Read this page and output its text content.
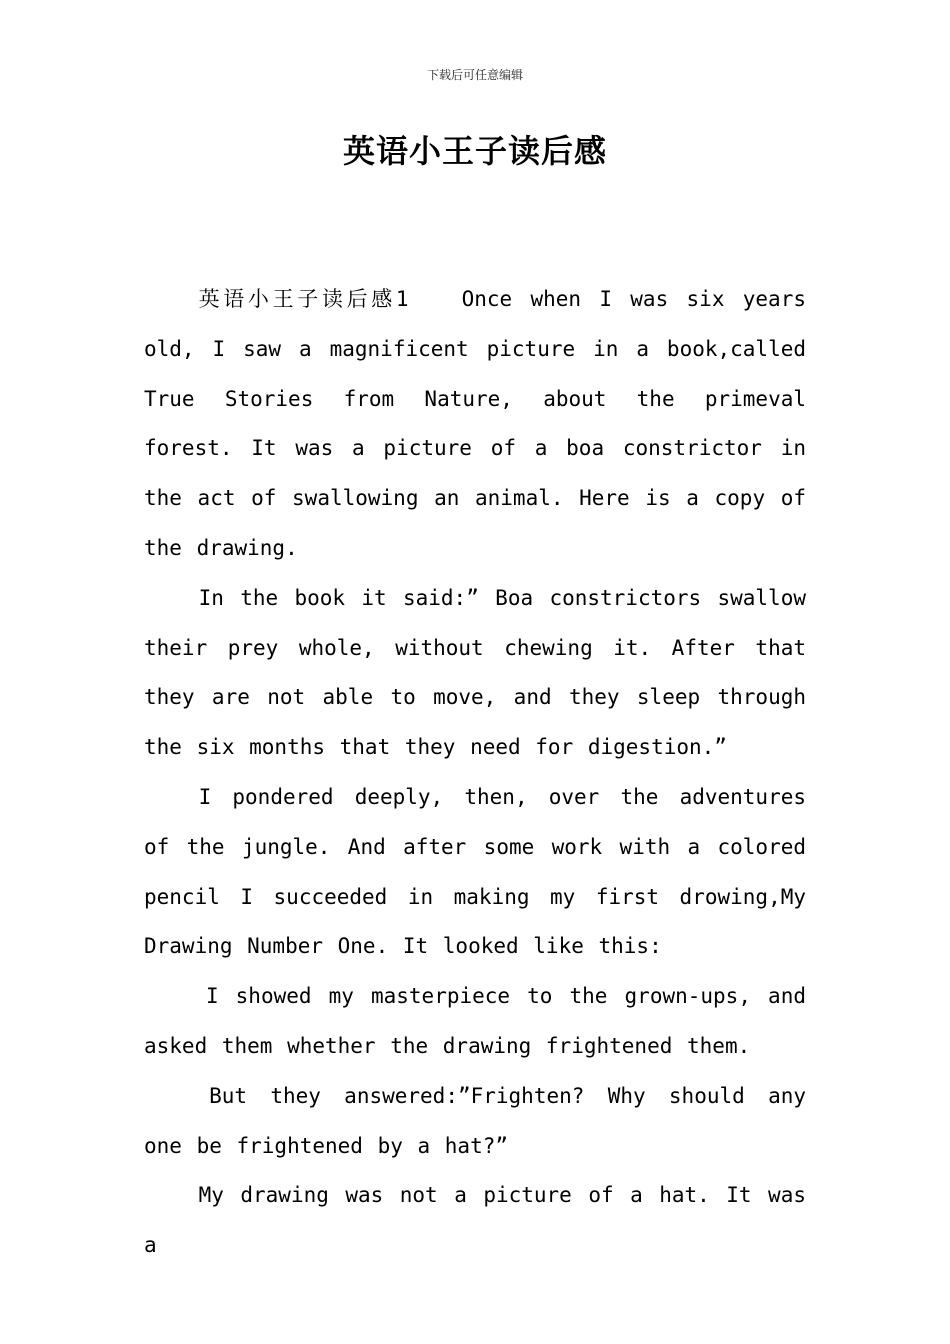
下载后可任意编辑
英语小王子读后感

英语小王子读后感1　　Once when I was six years old, I saw a magnificent picture in a book,called True Stories from Nature, about the primeval forest. It was a picture of a boa constrictor in the act of swallowing an animal. Here is a copy of the drawing.

In the book it said:” Boa constrictors swallow their prey whole, without chewing it. After that they are not able to move, and they sleep through the six months that they need for digestion.”

I pondered deeply, then, over the adventures of the jungle. And after some work with a colored pencil I succeeded in making my first drowing,My Drawing Number One. It looked like this:

I showed my masterpiece to the grown-ups, and asked them whether the drawing frightened them.

But they answered:”Frighten? Why should any one be frightened by a hat?”

My drawing was not a picture of a hat. It was a
